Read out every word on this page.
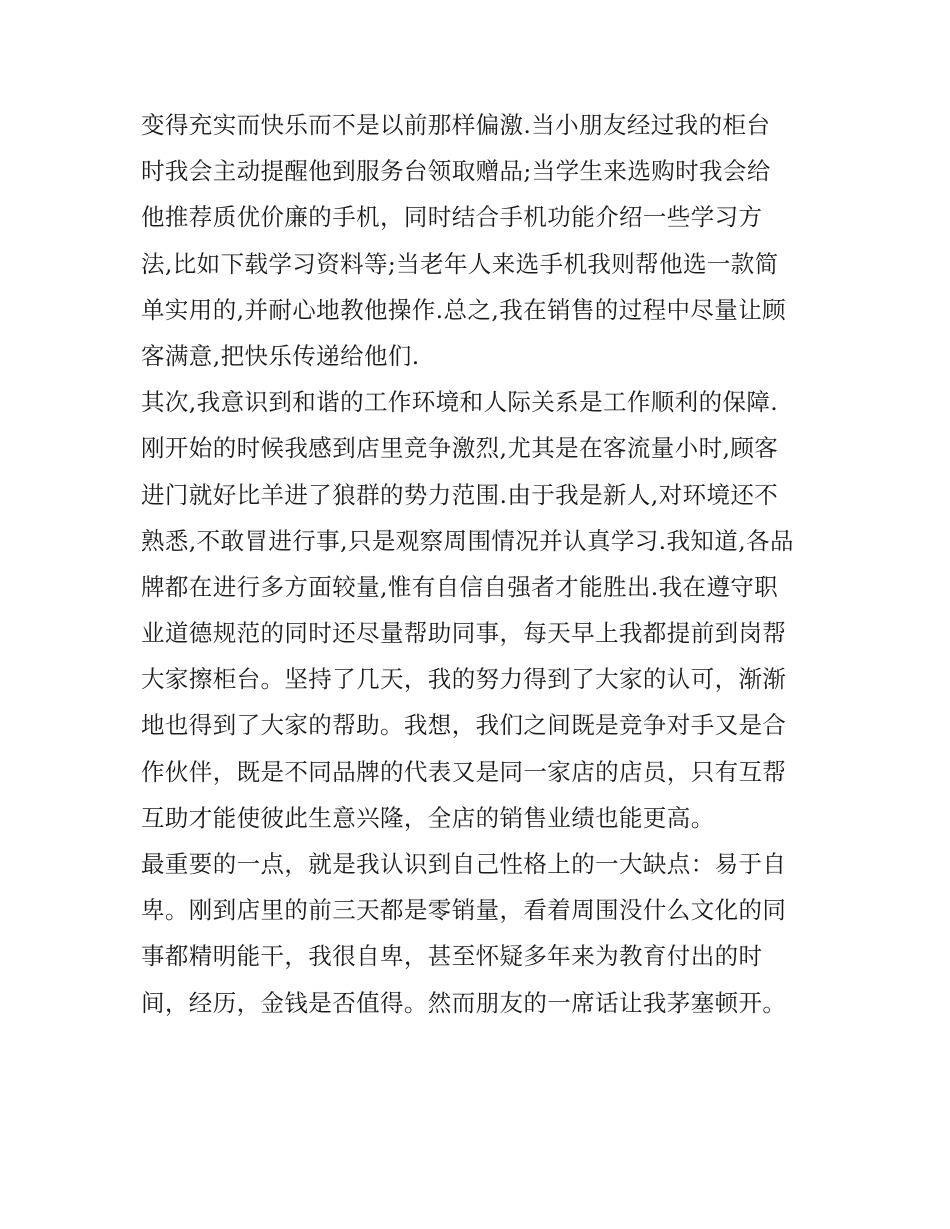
变得充实而快乐而不是以前那样偏激.当小朋友经过我的柜台
时我会主动提醒他到服务台领取赠品;当学生来选购时我会给
他推荐质优价廉的手机，同时结合手机功能介绍一些学习方
法,比如下载学习资料等;当老年人来选手机我则帮他选一款简
单实用的,并耐心地教他操作.总之,我在销售的过程中尽量让顾
客满意,把快乐传递给他们.
其次,我意识到和谐的工作环境和人际关系是工作顺利的保障.
刚开始的时候我感到店里竞争激烈,尤其是在客流量小时,顾客
进门就好比羊进了狼群的势力范围.由于我是新人,对环境还不
熟悉,不敢冒进行事,只是观察周围情况并认真学习.我知道,各品
牌都在进行多方面较量,惟有自信自强者才能胜出.我在遵守职
业道德规范的同时还尽量帮助同事，每天早上我都提前到岗帮
大家擦柜台。坚持了几天，我的努力得到了大家的认可，渐渐
地也得到了大家的帮助。我想，我们之间既是竞争对手又是合
作伙伴，既是不同品牌的代表又是同一家店的店员，只有互帮
互助才能使彼此生意兴隆，全店的销售业绩也能更高。
最重要的一点，就是我认识到自己性格上的一大缺点：易于自
卑。刚到店里的前三天都是零销量，看着周围没什么文化的同
事都精明能干，我很自卑，甚至怀疑多年来为教育付出的时
间，经历，金钱是否值得。然而朋友的一席话让我茅塞顿开。
